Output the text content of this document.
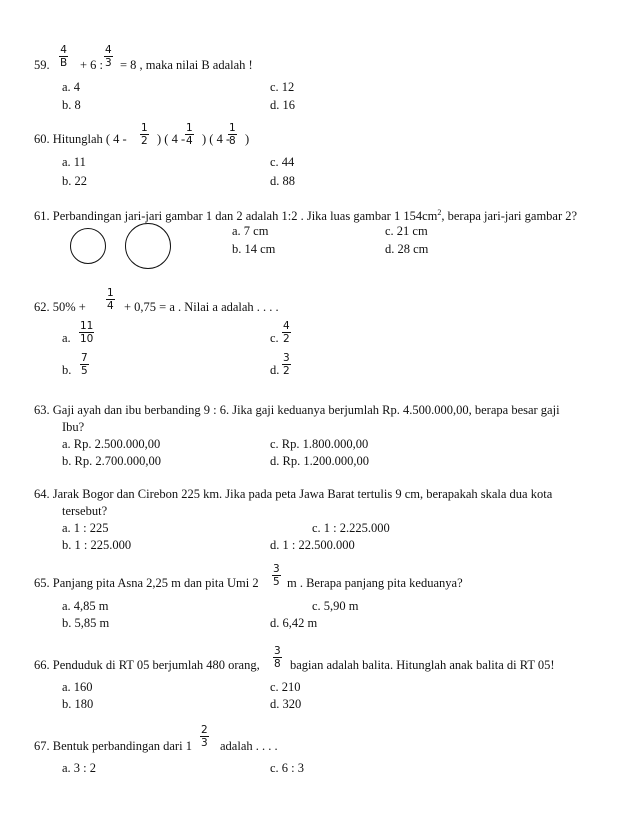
59. $\frac{4}{B} + 6$ : $\frac{4}{3} = 8$ , maka nilai B adalah !
a. 4
b. 8
c. 12
d. 16
60. Hitunglah ( $4 - \frac{1}{2}$ ) ( $4 - \frac{1}{4}$ ) ( 4 -
$\frac{1}{8}$ )
a. 11
b. 22
c. 44
d. 88
61. Perbandingan jari-jari gambar 1 dan 2 adalah 1:2 . Jika luas gambar 1 $154cm^2$, berapa jari-jari gambar 2?
a. 7 cm
b. 14 cm
c. 21 cm
d. 28 cm
62. $50\% + \frac{1}{4} + 0,75 = a$ . Nilai a adalah . . . .
a. $\frac{11}{10}$
b. $\frac{7}{5}$
c. $\frac{4}{2}$
d. $\frac{3}{2}$
63. Gaji ayah dan ibu berbanding 9 : 6. Jika gaji keduanya berjumlah Rp. 4.500.000,00, berapa besar gaji
Ibu?
a. Rp. 2.500.000,00
b. Rp. 2.700.000,00
c. Rp. 1.800.000,00
d. Rp. 1.200.000,00
64. Jarak Bogor dan Cirebon 225 km. Jika pada peta Jawa Barat tertulis 9 cm, berapakah skala dua kota
tersebut?
a. 1 : 225
b. 1 : 225.000
c. 1 : 2.225.000
d. 1 : 22.500.000
65. Panjang pita Asna 2,25 m dan pita Umi $2 \frac{3}{5}$ m . Berapa panjang pita keduanya?
a. 4,85 m
b. 5,85 m
c. 5,90 m
d. 6,42 m
66. Penduduk di RT 05 berjumlah 480 orang, $\frac{3}{8}$ bagian adalah balita. Hitunglah anak balita di RT 05!
a. 160
b. 180
c. 210
d. 320
67. Bentuk perbandingan dari $1 \frac{2}{3}$ adalah . . . .
a. 3 : 2	c. 6 : 3
